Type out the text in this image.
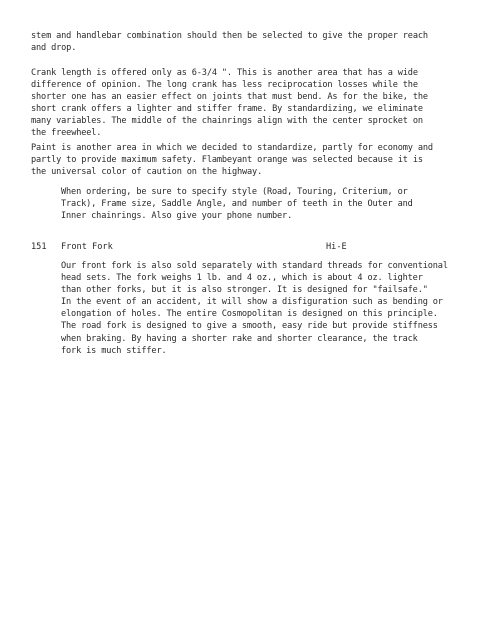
stem and handlebar combination should then be selected to give the proper reach
and drop.
Crank length is offered only as 6-3/4 ". This is another area that has a wide
difference of opinion. The long crank has less reciprocation losses while the
shorter one has an easier effect on joints that must bend. As for the bike, the
short crank offers a lighter and stiffer frame. By standardizing, we eliminate
many variables. The middle of the chainrings align with the center sprocket on
the freewheel.
Paint is another area in which we decided to standardize, partly for economy and
partly to provide maximum safety. Flambeyant orange was selected because it is
the universal color of caution on the highway.
When ordering, be sure to specify style (Road, Touring, Criterium, or
Track), Frame size, Saddle Angle, and number of teeth in the Outer and
Inner chainrings. Also give your phone number.
151 Front Fork	Hi-E
Our front fork is also sold separately with standard threads for conventional
head sets. The fork weighs 1 lb. and 4 oz., which is about 4 oz. lighter
than other forks, but it is also stronger. It is designed for "failsafe."
In the event of an accident, it will show a disfiguration such as bending or
elongation of holes. The entire Cosmopolitan is designed on this principle.
The road fork is designed to give a smooth, easy ride but provide stiffness
when braking. By having a shorter rake and shorter clearance, the track
fork is much stiffer.
